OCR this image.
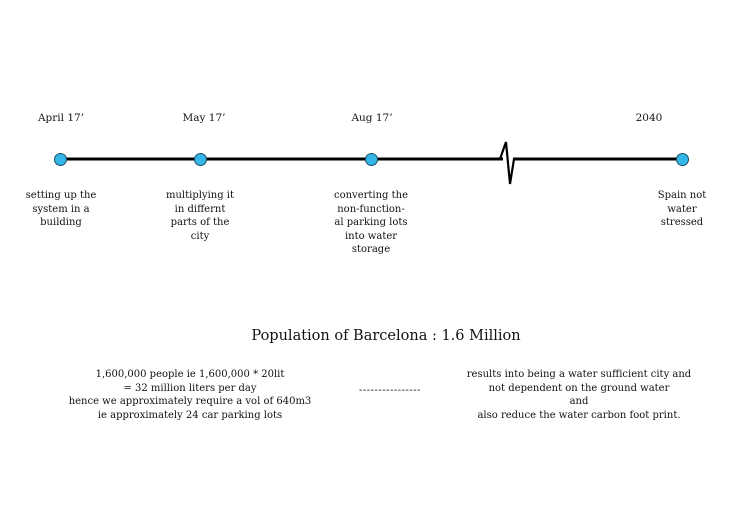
April 17’	May 17’	Aug 17’	2040
setting up the
system in a
building
multiplying it
in differnt
parts of the
city
converting the
non-function-
al parking lots
into water
storage
Spain not
water
stressed
Population of Barcelona : 1.6 Million
1,600,000 people ie 1,600,000 * 20lit
= 32 million liters per day
hence we approximately require a vol of 640m3
ie approximately 24 car parking lots
----------------
results into being a water sufficient city and
not dependent on the ground water
and
also reduce the water carbon foot print.
